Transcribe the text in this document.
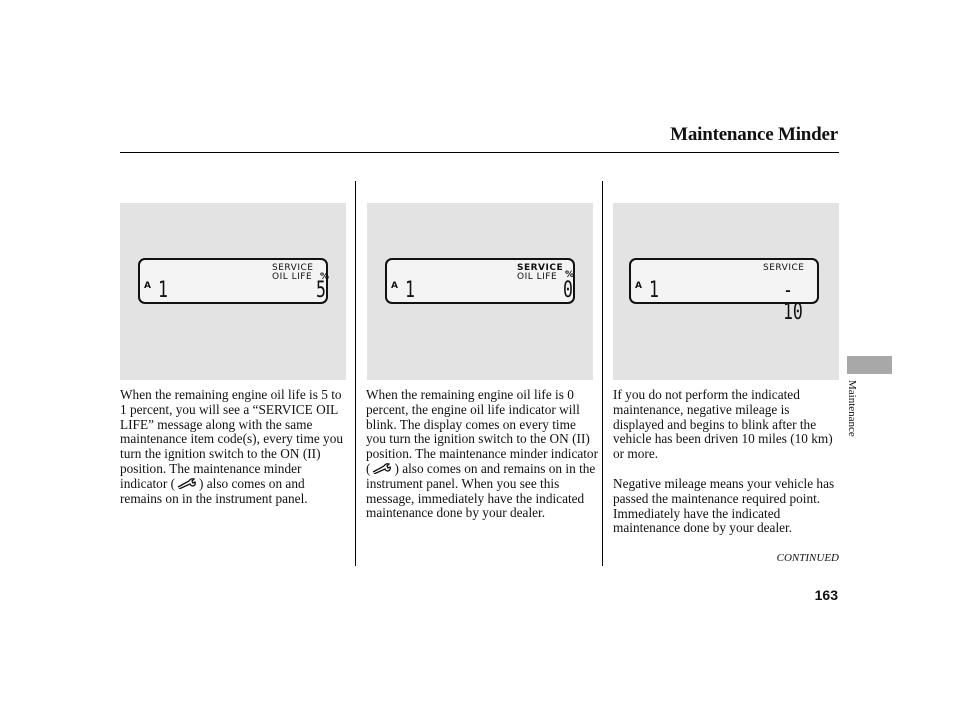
Maintenance Minder
SERVICE
OIL LIFE %
A 1	5
SERVICE
OIL LIFE %
A 1	0
SERVICE
A 1	- 10

When the remaining engine oil life is 5 to 1 percent, you will see a “SERVICE OIL LIFE” message along with the same maintenance item code(s), every time you turn the ignition switch to the ON (II) position. The maintenance minder indicator ( ) also comes on and remains on in the instrument panel.

When the remaining engine oil life is 0 percent, the engine oil life indicator will blink. The display comes on every time you turn the ignition switch to the ON (II) position. The maintenance minder indicator ( ) also comes on and remains on in the instrument panel. When you see this message, immediately have the indicated maintenance done by your dealer.

If you do not perform the indicated maintenance, negative mileage is displayed and begins to blink after the vehicle has been driven 10 miles (10 km) or more.

Negative mileage means your vehicle has passed the maintenance required point.

Immediately have the indicated maintenance done by your dealer.

CONTINUED
163
Maintenance
